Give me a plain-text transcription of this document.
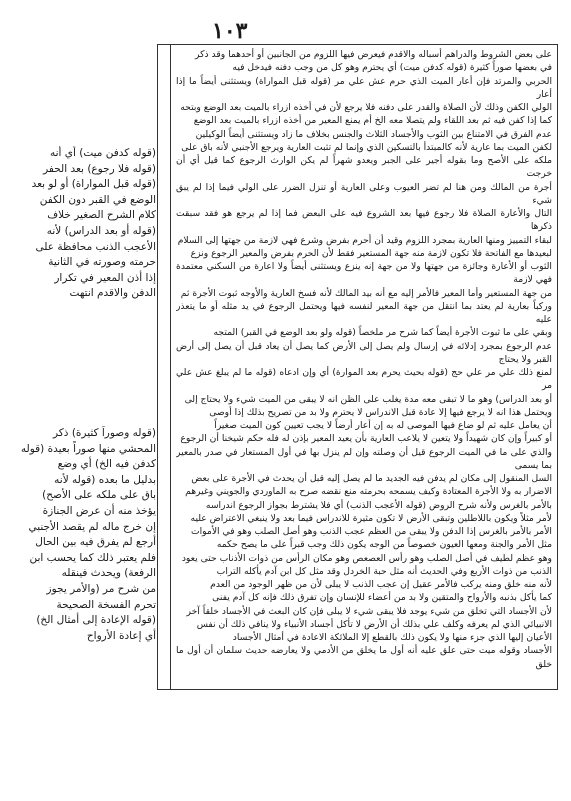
١٠٣

على بعض الشروط والدراهم أسباله والاقدم فيعرض فيها اللزوم من الجانبين أو أحدهما وقد ذكر

في بعضها صوراً كثيرة (قوله كدفن ميت) أي يحترم وهو كل من وجب دفنه فيدخل فيه

الحربي والمرتد فإن أعار الميت الذي حرم عش علي مر (قوله قبل المواراة) ويستثنى أيضاً ما إذا أعار

الولي الكفن وذلك لأن الصلاة والقدر على دفنه فلا يرجع لأن في أخذه ازراء بالميت بعد الوضع وبتحه

كما إذا كفن فيه ثم بعد اللقاء ولم يتصلا معه الخ أم يمنع المعير من أخذه ازراء بالميت بعد الوضع

عدم الفرق في الامتناع بين الثوب والأجساد الثلاث والجنس بخلاف ما زاد ويستثنى أيضاً الوكيلين

لكفن الميت بما عارية لأنه كالمبتدأ بالتسكين الذي وإنما لم تثبت العارية ويرجع الأجنبي لأنه باق على

ملكه على الأصح وما بقوله أجير على الجبر ويعدو شهراً لم يكن الوارث الرجوع كما قيل أي أن خرجت

أجرة من المالك ومن هنا لم تضر العيوب وعلى العارية أو تنزل الضرر على الولي فيما إذا لم يبق شيء

التال والأعارة الصلاة فلا رجوع فيها بعد الشروع فيه على البعض فما إذا لم يرجع هو فقد سبقت ذكرها

لبقاء التمييز ومنها العارية بمجرد اللزوم وقيد أن أحرم بفرض وشرع فهي لازمة من جهتها إلى السلام

لبعيدها مع الفاتحة فلا تكون لازمة منه جهة المستعير فقط لأن الحرم بفرض والمعير الرجوع ونزع

الثوب أو الأعارة وجائزة من جهتها ولا من جهة إنه ينزع ويستثنى أيضاً ولا اعارة من السكني معتمدة فهي لازمة

من جهة المستعير وأما المعير فالأمر إليه مع أنه بيد المالك لأنه فسخ العارية والأوجه ثبوت الأجرة ثم

وركباً بعارية لم يعتد بما انتقل من جهة المعير لنفسه فيها ويحتمل الرجوع في يد مثله أو ما يتعذر عليه

وبقي على ما ثبوت الأجرة أيضاً كما شرح مر ملخصاً (قوله ولو بعد الوضع في القبر) المتجه

عدم الرجوع بمجرد إدلائه في إرسال ولم يصل إلى الأرض كما يصل أن يعاد قبل أن يصل إلى أرض القبر ولا يحتاج

لمنع ذلك علي مر علي حج (قوله بحيث يحرم بعد الموارة) أي وإن ادعاه (قوله ما لم يبلغ عش علي مر

أو بعد الدراس) وهو ما لا تبقى معه مدة يغلب على الظن انه لا يبقى من الميت شيء ولا يحتاج إلى

ويحتمل هذا انه لا يرجع فيها إلا عادة قبل الاندراس لا يحترم ولا بد من تصريح بذلك إذا أوصى

أن يعامل عليه ثم لو ضاع فيها الموصى له به إن أعار أرضاً لا يجب تعيين كون الميت صغيراً

أو كبيراً وإن كان شهيداً ولا يتعين لا يلاعب العارية بأن يعيد المعير بإذن له فله حكم شيخنا أن الرجوع

والذي على ما في الميت الرجوع قيل أن وصلته وإن لم ينزل بها في أول المستعار في صدر بالمعير بما يسمى

السل المنقول إلى مكان لم يدفن فيه الجديد ما لم يصل إليه قبل أن يحدث في الأجرة على بعض

الاضرار به ولا الأجرة المعتادة وكيف يسمحه بحرمته منع نقضه صرح به الماوردي والجويني وغيرهم

بالأمر بالغرس ولأنه شرح الروض (قوله الأعجب الذنب) أي فلا يشترط بجواز الرجوع اندراسه

لأمر مثلاً ويكون باللاطلين وتبقى الأرض لا تكون مثيرة للاندراس فيما بعد ولا ينبغي الاعتراض عليه

الأمر بالأمر بالغرس إذا الدفن ولا يبقى من العظم عجب الذنب وهو أصل الصلب وهو في الأموات

مثل الأمر والجنة ومعها العيون خصوصاً من الوجه يكون ذلك وجب قبراً على ما يصح حكمه

وهو عظم لطيف في أصل الصلب وهو رأس العصعص وهو مكان الرأس من ذوات الأذناب حتى يعود

الذنب من ذوات الأربع وفي الحديث أنه مثل حبة الخردل وقد مثل كل ابن آدم يأكله التراب

لأنه منه خلق ومنه يركب فالأمر عقيل إن عجب الذنب لا يبلى لأن من ظهر الوجود من العدم

كما يأكل بذنبه والأرواح والمتقين ولا بد من أعضاء للإنسان وإن تفرق ذلك فإنه كل آدم يفنى

لأن الأجساد التي تخلق من شيء يوجد فلا يبقى شيء لا يبلى فإن كان البعث في الأجساد خلقاً آخر

الانبيائي الذي لم يعرفه وكلف علي بذلك أن الأرض لا تأكل أجساد الأنبياء ولا ينافي ذلك أن نفس

الأعيان إليها الذي جزء منها ولا يكون ذلك بالقطع إلا الملائكة الاعادة في أمثال الأجساد

الأجساد وقوله ميت حتى علق عليه أنه أول ما يخلق من الأدمي ولا يعارضه حديث سلمان أن أول ما خلق

(قوله كدفن ميت) أي أنه

(قوله فلا رجوع) بعد الحفر

(قوله قبل المواراة) أو لو بعد

الوضع في القبر دون الكفن

كلام الشرح الصغير خلاف

(قوله أو بعد الدراس) لأنه

الأعجب الذنب محافظة على

حرمته وصورته في الثانية

إذا أذن المعير في تكرار

الدفن والاقدم انتهت

(قوله وصوراً كثيرة) ذكر

المحشي منها صوراً بعيدة (قوله

كدفن فيه الخ) أي وضع

بدليل ما بعده (قوله لأنه

باق على ملكه على الأصح)

يؤخذ منه أن عرض الجنازة

إن خرج ماله لم يقصد الأجنبي

أرجع لم يفرق فيه بين الحال

فلم يعتبر ذلك كما يحسب ابن

الرفعة) ويحدث فينقله

من شرح مر (والأمر يجوز

تحرم الفسخة الصحيحة

(قوله الإعادة إلى أمثال الخ)

أي إعادة الأرواح
